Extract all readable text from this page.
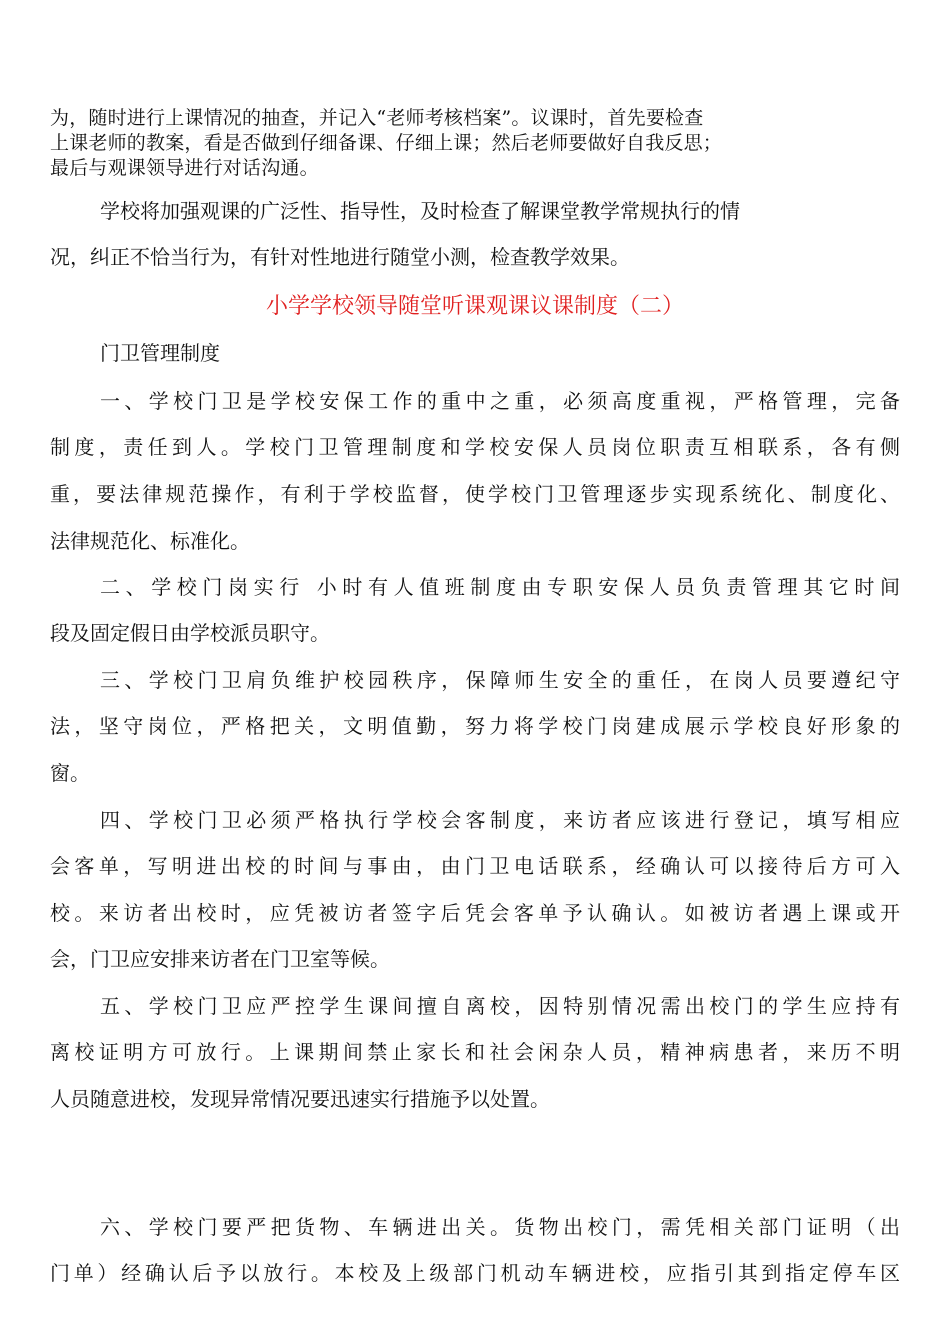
为，随时进行上课情况的抽查，并记入“老师考核档案”。议课时，首先要检查
上课老师的教案，看是否做到仔细备课、仔细上课；然后老师要做好自我反思；
最后与观课领导进行对话沟通。
学校将加强观课的广泛性、指导性，及时检查了解课堂教学常规执行的情
况，纠正不恰当行为，有针对性地进行随堂小测，检查教学效果。
小学学校领导随堂听课观课议课制度（二）
门卫管理制度
一、学校门卫是学校安保工作的重中之重，必须高度重视，严格管理，完备
制度，责任到人。学校门卫管理制度和学校安保人员岗位职责互相联系，各有侧
重，要法律规范操作，有利于学校监督，使学校门卫管理逐步实现系统化、制度化、
法律规范化、标准化。
二、学校门岗实行 小时有人值班制度由专职安保人员负责管理其它时间
段及固定假日由学校派员职守。
三、学校门卫肩负维护校园秩序，保障师生安全的重任，在岗人员要遵纪守
法，坚守岗位，严格把关，文明值勤，努力将学校门岗建成展示学校良好形象的
窗。
四、学校门卫必须严格执行学校会客制度，来访者应该进行登记，填写相应
会客单，写明进出校的时间与事由，由门卫电话联系，经确认可以接待后方可入
校。来访者出校时，应凭被访者签字后凭会客单予认确认。如被访者遇上课或开
会，门卫应安排来访者在门卫室等候。
五、学校门卫应严控学生课间擅自离校，因特别情况需出校门的学生应持有
离校证明方可放行。上课期间禁止家长和社会闲杂人员，精神病患者，来历不明
人员随意进校，发现异常情况要迅速实行措施予以处置。
六、学校门要严把货物、车辆进出关。货物出校门，需凭相关部门证明（出
门单）经确认后予以放行。本校及上级部门机动车辆进校，应指引其到指定停车区
